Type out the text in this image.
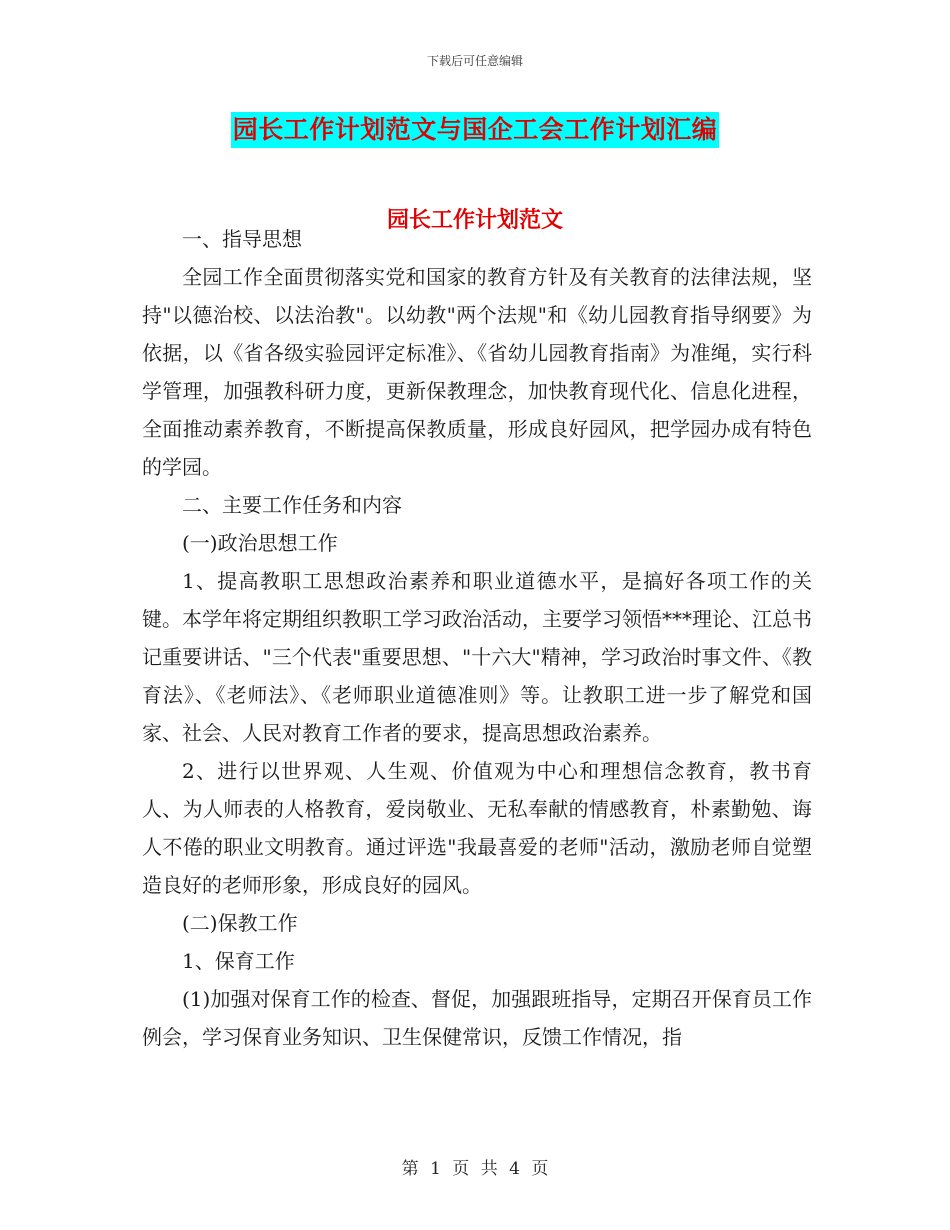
下载后可任意编辑
园长工作计划范文与国企工会工作计划汇编
园长工作计划范文

一、指导思想

全园工作全面贯彻落实党和国家的教育方针及有关教育的法律法规，坚持"以德治校、以法治教"。以幼教"两个法规"和《幼儿园教育指导纲要》为依据，以《省各级实验园评定标准》、《省幼儿园教育指南》为准绳，实行科学管理，加强教科研力度，更新保教理念，加快教育现代化、信息化进程，全面推动素养教育，不断提高保教质量，形成良好园风，把学园办成有特色的学园。

二、主要工作任务和内容

(一)政治思想工作

1、提高教职工思想政治素养和职业道德水平，是搞好各项工作的关键。本学年将定期组织教职工学习政治活动，主要学习领悟***理论、江总书记重要讲话、"三个代表"重要思想、"十六大"精神，学习政治时事文件、《教育法》、《老师法》、《老师职业道德准则》等。让教职工进一步了解党和国家、社会、人民对教育工作者的要求，提高思想政治素养。

2、进行以世界观、人生观、价值观为中心和理想信念教育，教书育人、为人师表的人格教育，爱岗敬业、无私奉献的情感教育，朴素勤勉、诲人不倦的职业文明教育。通过评选"我最喜爱的老师"活动，激励老师自觉塑造良好的老师形象，形成良好的园风。

(二)保教工作

1、保育工作

(1)加强对保育工作的检查、督促，加强跟班指导，定期召开保育员工作例会，学习保育业务知识、卫生保健常识，反馈工作情况，指

第 1 页 共 4 页
